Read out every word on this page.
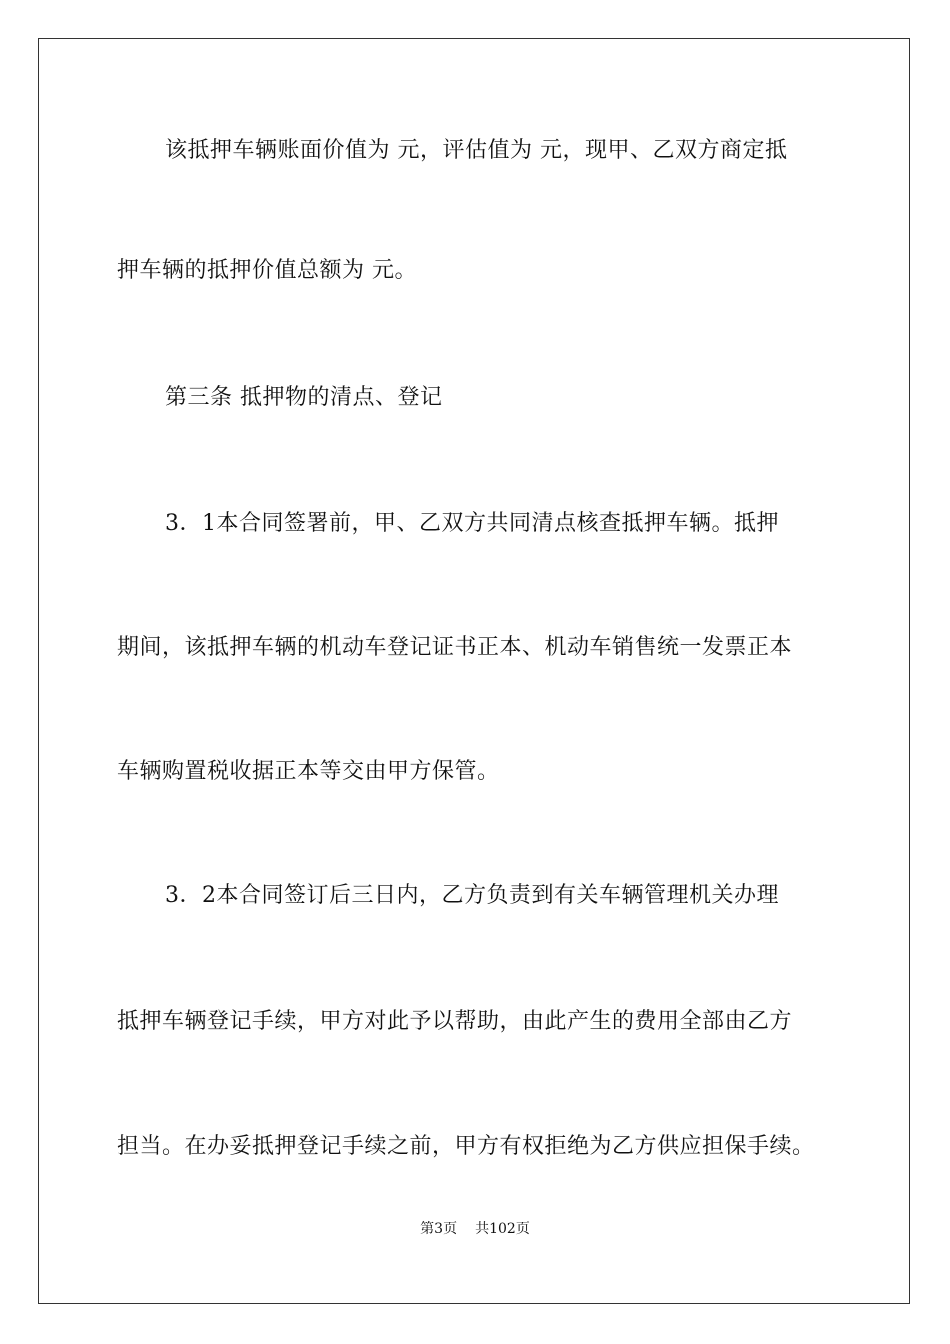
该抵押车辆账面价值为 元，评估值为 元，现甲、乙双方商定抵
押车辆的抵押价值总额为 元。
第三条 抵押物的清点、登记
3．1本合同签署前，甲、乙双方共同清点核查抵押车辆。抵押
期间，该抵押车辆的机动车登记证书正本、机动车销售统一发票正本
车辆购置税收据正本等交由甲方保管。
3．2本合同签订后三日内，乙方负责到有关车辆管理机关办理
抵押车辆登记手续，甲方对此予以帮助，由此产生的费用全部由乙方
担当。在办妥抵押登记手续之前，甲方有权拒绝为乙方供应担保手续。
第3页 共102页
